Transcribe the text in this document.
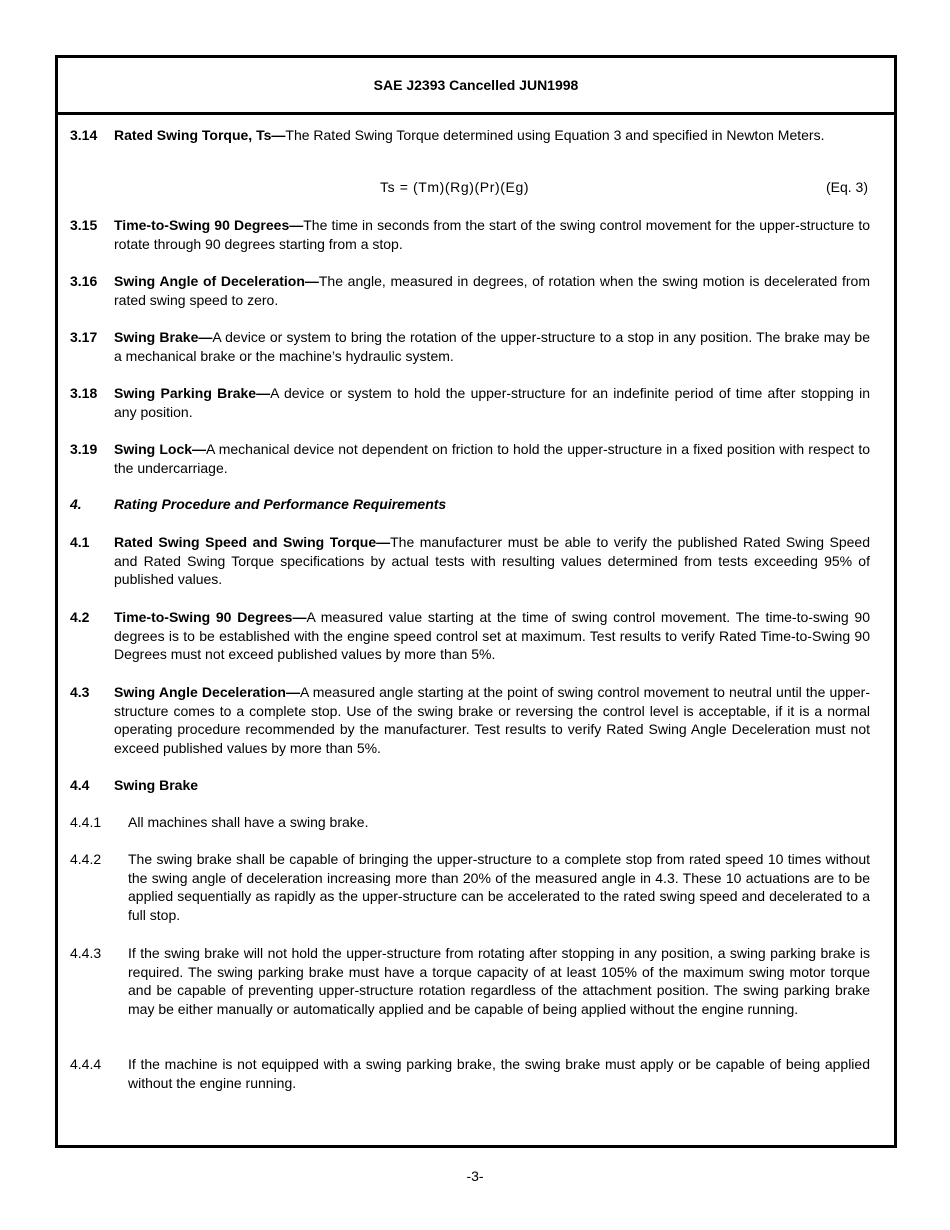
SAE J2393 Cancelled JUN1998
3.14 Rated Swing Torque, Ts—The Rated Swing Torque determined using Equation 3 and specified in Newton Meters.
Ts = (Tm)(Rg)(Pr)(Eg)	(Eq. 3)
3.15 Time-to-Swing 90 Degrees—The time in seconds from the start of the swing control movement for the upper-structure to rotate through 90 degrees starting from a stop.
3.16 Swing Angle of Deceleration—The angle, measured in degrees, of rotation when the swing motion is decelerated from rated swing speed to zero.
3.17 Swing Brake—A device or system to bring the rotation of the upper-structure to a stop in any position. The brake may be a mechanical brake or the machine’s hydraulic system.
3.18 Swing Parking Brake—A device or system to hold the upper-structure for an indefinite period of time after stopping in any position.
3.19 Swing Lock—A mechanical device not dependent on friction to hold the upper-structure in a fixed position with respect to the undercarriage.
4. Rating Procedure and Performance Requirements
4.1 Rated Swing Speed and Swing Torque—The manufacturer must be able to verify the published Rated Swing Speed and Rated Swing Torque specifications by actual tests with resulting values determined from tests exceeding 95% of published values.
4.2 Time-to-Swing 90 Degrees—A measured value starting at the time of swing control movement. The time-to-swing 90 degrees is to be established with the engine speed control set at maximum. Test results to verify Rated Time-to-Swing 90 Degrees must not exceed published values by more than 5%.
4.3 Swing Angle Deceleration—A measured angle starting at the point of swing control movement to neutral until the upper-structure comes to a complete stop. Use of the swing brake or reversing the control level is acceptable, if it is a normal operating procedure recommended by the manufacturer. Test results to verify Rated Swing Angle Deceleration must not exceed published values by more than 5%.
4.4 Swing Brake
4.4.1 All machines shall have a swing brake.
4.4.2 The swing brake shall be capable of bringing the upper-structure to a complete stop from rated speed 10 times without the swing angle of deceleration increasing more than 20% of the measured angle in 4.3. These 10 actuations are to be applied sequentially as rapidly as the upper-structure can be accelerated to the rated swing speed and decelerated to a full stop.
4.4.3 If the swing brake will not hold the upper-structure from rotating after stopping in any position, a swing parking brake is required. The swing parking brake must have a torque capacity of at least 105% of the maximum swing motor torque and be capable of preventing upper-structure rotation regardless of the attachment position. The swing parking brake may be either manually or automatically applied and be capable of being applied without the engine running.
4.4.4 If the machine is not equipped with a swing parking brake, the swing brake must apply or be capable of being applied without the engine running.
-3-
